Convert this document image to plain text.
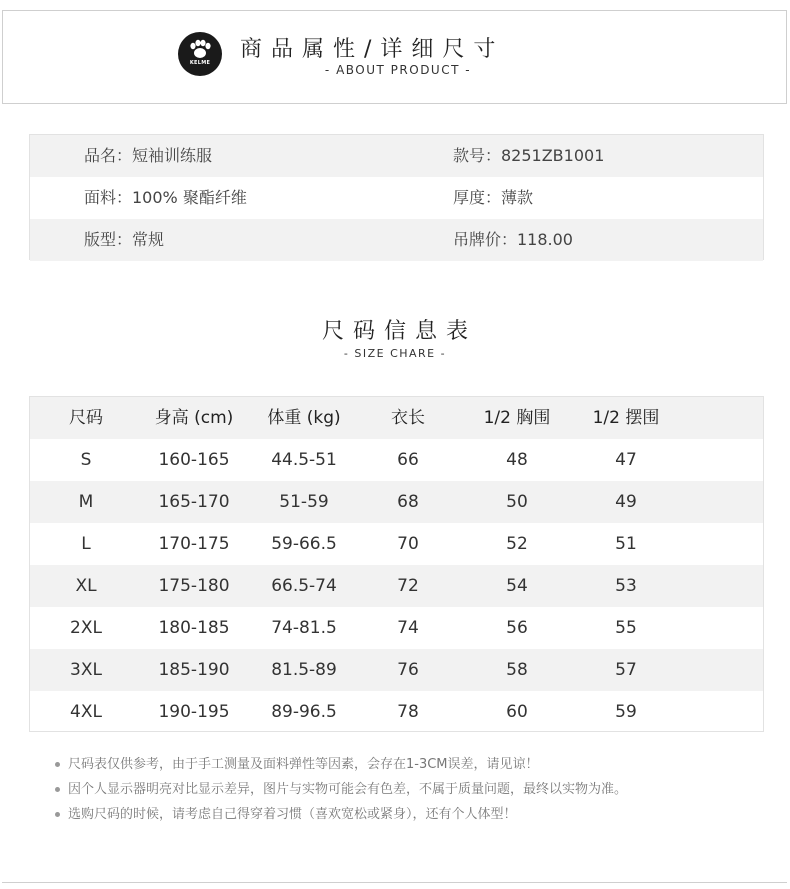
KELME
商品属性/详细尺寸
- ABOUT PRODUCT -
品名：短袖训练服	款号：8251ZB1001
面料：100% 聚酯纤维	厚度：薄款
版型：常规	吊牌价：118.00
尺码信息表
- SIZE CHARE -
尺码	身高 (cm)	体重 (kg)	衣长	1/2 胸围	1/2 摆围
S	160-165	44.5-51	66	48	47
M	165-170	51-59	68	50	49
L	170-175	59-66.5	70	52	51
XL	175-180	66.5-74	72	54	53
2XL	180-185	74-81.5	74	56	55
3XL	185-190	81.5-89	76	58	57
4XL	190-195	89-96.5	78	60	59
尺码表仅供参考，由于手工测量及面料弹性等因素，会存在1-3CM误差，请见谅！
因个人显示器明亮对比显示差异，图片与实物可能会有色差，不属于质量问题，最终以实物为准。
选购尺码的时候，请考虑自己得穿着习惯（喜欢宽松或紧身），还有个人体型！
